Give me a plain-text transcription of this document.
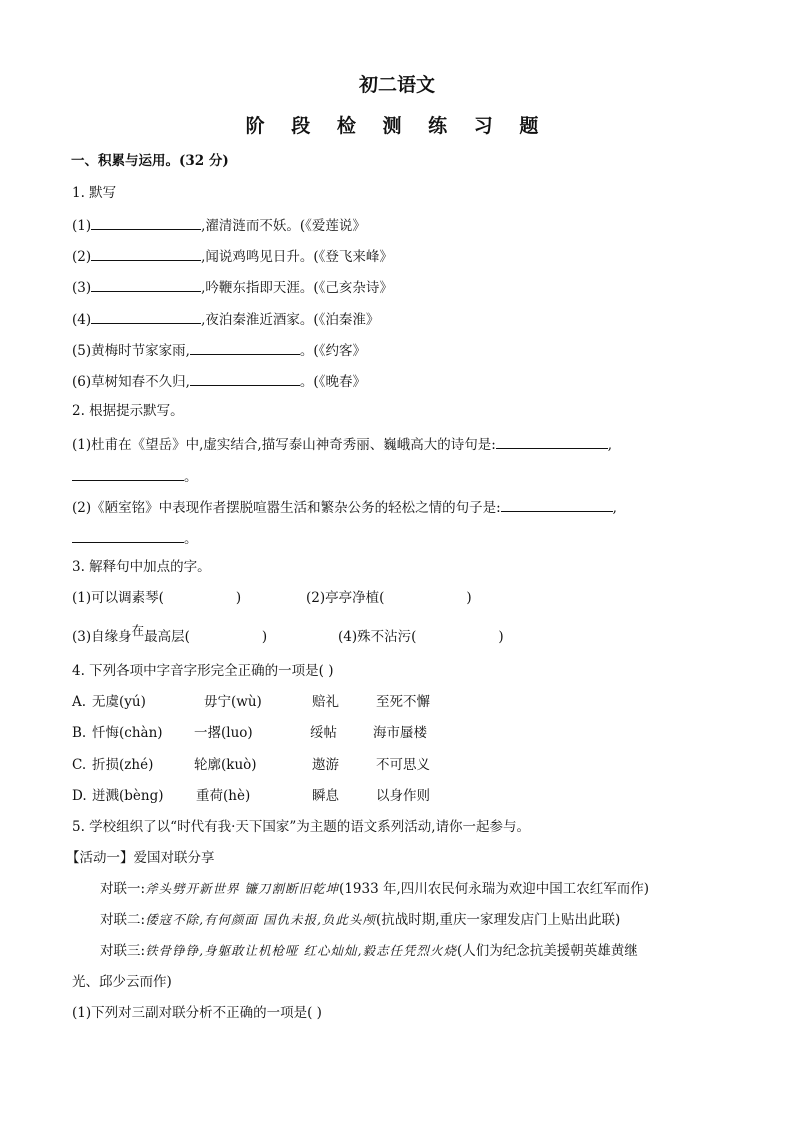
初二语文
阶 段 检 测 练 习 题
一、积累与运用。(32 分)
1. 默写
(1)	,濯清涟而不妖。(《爱莲说》
(2)	,闻说鸡鸣见日升。(《登飞来峰》
(3)	,吟鞭东指即天涯。(《己亥杂诗》
(4)	,夜泊秦淮近酒家。(《泊秦淮》
(5)黄梅时节家家雨,	。(《约客》
(6)草树知春不久归,	。(《晚春》
2. 根据提示默写。
(1)杜甫在《望岳》中,虚实结合,描写泰山神奇秀丽、巍峨高大的诗句是:	,
。
(2)《陋室铭》中表现作者摆脱喧嚣生活和繁杂公务的轻松之情的句子是:	,
。
3. 解释句中加点的字。
(1)可以调素琴(	)	(2)亭亭净植(	)
(3)自缘身在最高层(	)	(4)殊不沾污(	)
4. 下列各项中字音字形完全正确的一项是( )
A. 无虞(yú)	毋宁(wù)	赔礼	至死不懈
B. 忏悔(chàn) 一撂(luo)	绥帖	海市蜃楼
C. 折损(zhé)	轮廓(kuò)	遨游	不可思义
D. 迸溅(bèng) 重荷(hè)	瞬息	以身作则
5. 学校组织了以“时代有我·天下国家”为主题的语文系列活动,请你一起参与。
【活动一】爱国对联分享
对联一:斧头劈开新世界 镰刀割断旧乾坤(1933 年,四川农民何永瑞为欢迎中国工农红军而作)
对联二:倭寇不除,有何颜面 国仇未报,负此头颅(抗战时期,重庆一家理发店门上贴出此联)
对联三:铁骨铮铮,身躯敢让机枪哑 红心灿灿,毅志任凭烈火烧(人们为纪念抗美援朝英雄黄继
光、邱少云而作)
(1)下列对三副对联分析不正确的一项是( )
